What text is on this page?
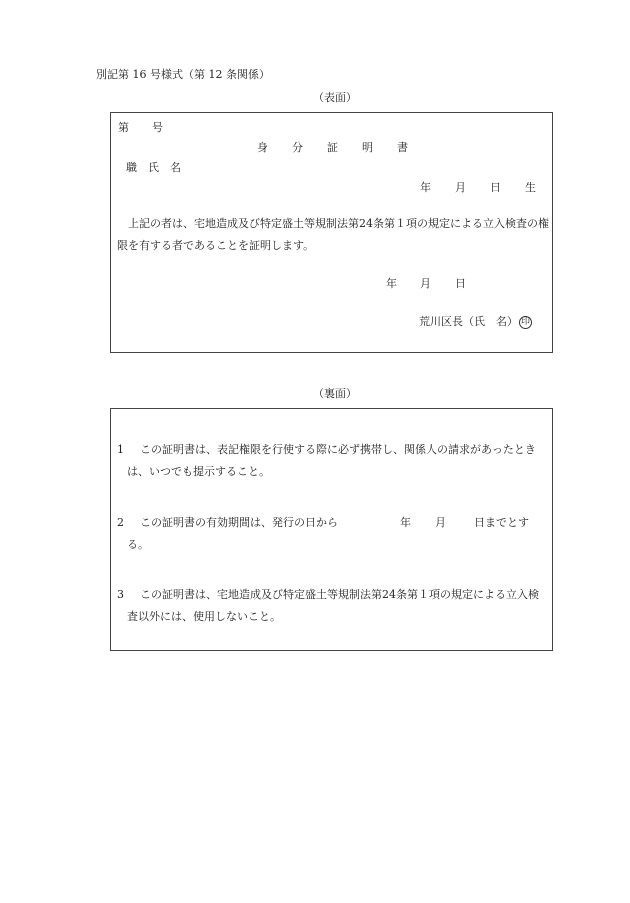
別記第 16 号様式（第 12 条関係）
（表面）
第 号
身 分 証 明 書
職　氏　名
年 月 日 生
　上記の者は、宅地造成及び特定盛土等規制法第24条第１項の規定による立入検査の権限を有する者であることを証明します。
年 月 日
荒川区長（氏　名） 印
（裏面）
1	この証明書は、表記権限を行使する際に必ず携帯し、関係人の請求があったときは、いつでも提示すること。
2	この証明書の有効期間は、発行の日から	年 月	日までとする。
3	この証明書は、宅地造成及び特定盛土等規制法第24条第１項の規定による立入検査以外には、使用しないこと。
